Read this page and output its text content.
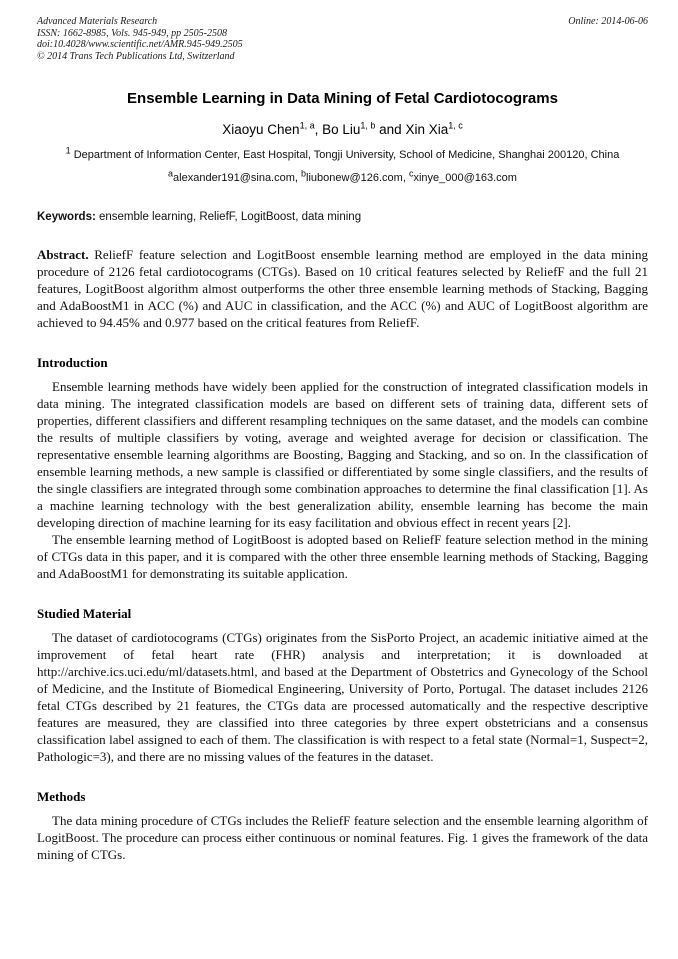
Advanced Materials Research
ISSN: 1662-8985, Vols. 945-949, pp 2505-2508
doi:10.4028/www.scientific.net/AMR.945-949.2505
© 2014 Trans Tech Publications Ltd, Switzerland
Online: 2014-06-06
Ensemble Learning in Data Mining of Fetal Cardiotocograms

Xiaoyu Chen$^{1, a}$, Bo Liu$^{1, b}$ and Xin Xia$^{1, c}$

$^1$ Department of Information Center, East Hospital, Tongji University, School of Medicine, Shanghai 200120, China

$^a$alexander191@sina.com, $^b$liubonew@126.com, $^c$xinye_000@163.com

Keywords: ensemble learning, ReliefF, LogitBoost, data mining

Abstract. ReliefF feature selection and LogitBoost ensemble learning method are employed in the data mining procedure of 2126 fetal cardiotocograms (CTGs). Based on 10 critical features selected by ReliefF and the full 21 features, LogitBoost algorithm almost outperforms the other three ensemble learning methods of Stacking, Bagging and AdaBoostM1 in ACC (%) and AUC in classification, and the ACC (%) and AUC of LogitBoost algorithm are achieved to 94.45% and 0.977 based on the critical features from ReliefF.

Introduction

Ensemble learning methods have widely been applied for the construction of integrated classification models in data mining. The integrated classification models are based on different sets of training data, different sets of properties, different classifiers and different resampling techniques on the same dataset, and the models can combine the results of multiple classifiers by voting, average and weighted average for decision or classification. The representative ensemble learning algorithms are Boosting, Bagging and Stacking, and so on. In the classification of ensemble learning methods, a new sample is classified or differentiated by some single classifiers, and the results of the single classifiers are integrated through some combination approaches to determine the final classification [1]. As a machine learning technology with the best generalization ability, ensemble learning has become the main developing direction of machine learning for its easy facilitation and obvious effect in recent years [2].

The ensemble learning method of LogitBoost is adopted based on ReliefF feature selection method in the mining of CTGs data in this paper, and it is compared with the other three ensemble learning methods of Stacking, Bagging and AdaBoostM1 for demonstrating its suitable application.

Studied Material

The dataset of cardiotocograms (CTGs) originates from the SisPorto Project, an academic initiative aimed at the improvement of fetal heart rate (FHR) analysis and interpretation; it is downloaded at http://archive.ics.uci.edu/ml/datasets.html, and based at the Department of Obstetrics and Gynecology of the School of Medicine, and the Institute of Biomedical Engineering, University of Porto, Portugal. The dataset includes 2126 fetal CTGs described by 21 features, the CTGs data are processed automatically and the respective descriptive features are measured, they are classified into three categories by three expert obstetricians and a consensus classification label assigned to each of them. The classification is with respect to a fetal state (Normal=1, Suspect=2, Pathologic=3), and there are no missing values of the features in the dataset.

Methods

The data mining procedure of CTGs includes the ReliefF feature selection and the ensemble learning algorithm of LogitBoost. The procedure can process either continuous or nominal features. Fig. 1 gives the framework of the data mining of CTGs.
